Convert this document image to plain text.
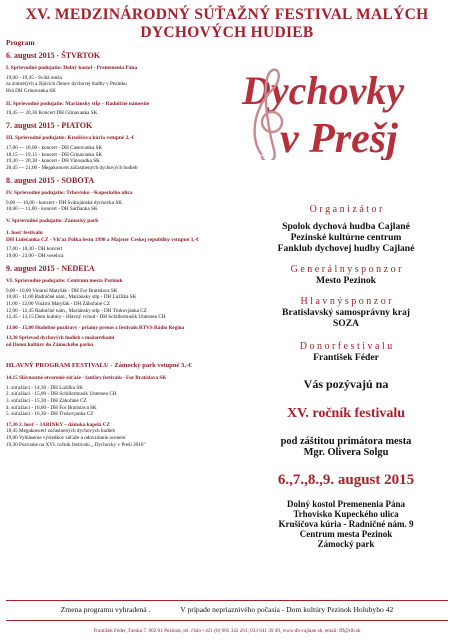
XV. MEDZINÁRODNÝ SÚŤAŽNÝ FESTIVAL MALÝCH
DYCHOVÝCH HUDIEB
Program
6. august 2015 - ŠTVRTOK
I. Sprievodné podujatie: Dolný kostol - Premenenia Pána
19,00 - 19,45 - Svätá omša
za zomrelých a žijúcich členov dychovej hudby v Pezinku
Hrá DH Grinavanka SK
II. Sprievodné podujatie: Mariánsky stĺp – Radničné námestie
19,45 — 20,30 Koncert DH Grinavanka SK
7. august 2015 - PIATOK
III. Sprievodné podujatie: Krušičova kúria vstupné 2,-€
17,00 — 18,00 - koncert - DH Častovanka SK
18,15 — 19,15 - koncert - DH Grinavanka SK
19,30 — 20,30 - koncert - DH Vinosadka SK
20,45 — 21,00 - Megakoncert zúčastnených dychových hudieb
8. august 2015 - SOBOTA
IV. Sprievodné podujatie: Trhovisko - Kupeckého ulica
9,00 — 10,00 - koncert - DH Svätojánská dychovka SK
10,00 — 11,00 - koncert - DH Šarfianka SK
V. Sprievodné podujatie: Zámocký park
1. hosť festivalu
DH Lidečanka CZ - Vit'az Polka festu 1998 a Majster Českej republiky vstupné 3,-€
17,00 - 18,30 - DH koncert
19,00 - 23,00 - DH veselica
9. august 2015 - NEDEĽA
VI. Sprievodné podujatie: Centrum mesta Pezinok
9,00 - 10,00 Vinární Matyšák - DH For Bratislava SK
10,00 - 11,00 Radničné nám., Mariánsky stĺp - DH Lužílka SK
11,00 - 12,00 Vinární Matyšák - DH Záhořané CZ
12,00 - 12,45 Radničné nám., Mariánsky stĺp - DH Trnkovjanka CZ
12,45 - 13,15 Dom kultúry - Hlavný vchod - DH Schillermusik Untersen CH
13,00 - 15,00 Hudobné pozdravy - priamy prenos z festivalu RTVS Rádio Regina
13,30 Sprievod dychových hudieb s mažoretkami
od Domu kultúry do Zámockého parku
HLAVNÝ PROGRAM FESTIVALU - Zámocký park vstupné 3,-€
14,15 Slávnostné otvorenie súťaže - fanfáry festivalu - For Bratislava SK
1. súťažiaci - 14,30 - DH Lužílka SK
2. súťažiaci - 15,00 - DH Schillermusik Untersen CH
3. súťažiaci - 15,30 - DH Záhořané CZ
4. súťažiaci - 16,00 - DH For Bratislava SK
5. súťažiaci - 16,30 - DH Trnkovjanka CZ
17,30 2. hosť – JÁRINKY – dámska kapela CZ
18,45 Megakoncert zúčastnených dychových hudieb
19,00 Vyhlásenie výsledkov súťaže a odovzdanie ocenení
19,30 Pozvanie na XVI. ročník festivalu „ Dychovky v Preši 2016"
Dychovky
v Prešj
O r g a n i z á t o r
Spolok dychová hudba Cajlané
Pezinské kultúrne centrum
Fanklub dychovej hudby Cajlané
G e n e r á l n y s p o n z o r
Mesto Pezinok
H l a v n ý s p o n z o r
Bratislavský samosprávny kraj
SOZA
D o n o r f e s t i v a l u
František Féder
Vás pozývajú na
XV. ročník festivalu
pod záštitou primátora mesta
Mgr. Olivera Solgu
6.,7.,8.,9. august 2015
Dolný kostol Premenenia Pána
Trhovisko Kupeckého ulica
Krušičova kúria - Radničné nám. 9
Centrum mesta Pezinok
Zámocký park
Zmena programu vyhradená .	V prípade nepriaznivého počasia - Dom kultúry Pezinok Holubyho 42
František Féder, Farská 7. 902 01 Pezinok, tel. číslo +421 (0) 905 342 261, 033 641 39 49, www.dh-cajlane.sk, email: fff@rib.sk
